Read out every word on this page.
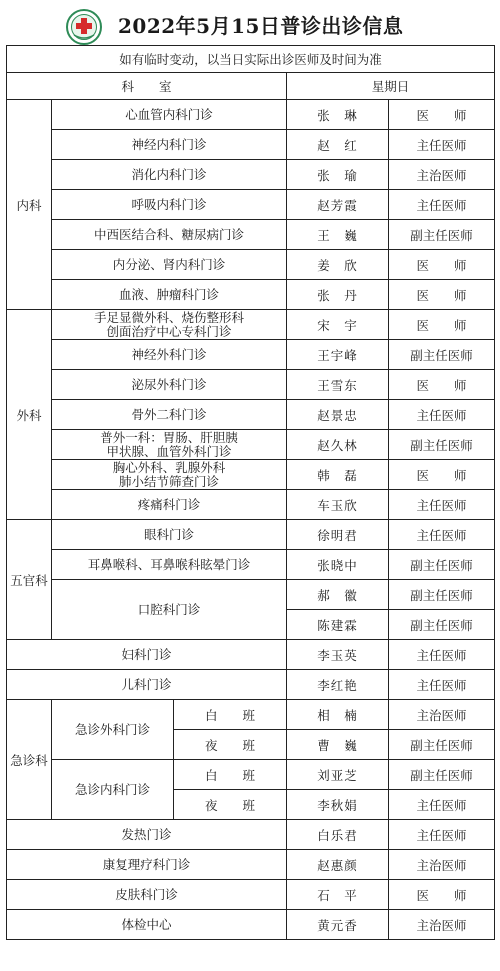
2022年5月15日普诊出诊信息
如有临时变动，以当日实际出诊医师及时间为准				
科　　室			星期日	
内科	心血管内科门诊		张　琳	医　　师
	神经内科门诊		赵　红	主任医师
	消化内科门诊		张　瑜	主治医师
	呼吸内科门诊		赵芳霞	主任医师
	中西医结合科、糖尿病门诊		王　巍	副主任医师
	内分泌、肾内科门诊		姜　欣	医　　师
	血液、肿瘤科门诊		张　丹	医　　师
外科	手足显微外科、烧伤整形科
创面治疗中心专科门诊		宋　宇	医　　师
	神经外科门诊		王宇峰	副主任医师
	泌尿外科门诊		王雪东	医　　师
	骨外二科门诊		赵景忠	主任医师
	普外一科：胃肠、肝胆胰
甲状腺、血管外科门诊		赵久林	副主任医师
	胸心外科、乳腺外科
肺小结节筛查门诊		韩　磊	医　　师
	疼痛科门诊		车玉欣	主任医师
五官科	眼科门诊		徐明君	主任医师
	耳鼻喉科、耳鼻喉科眩晕门诊		张晓中	副主任医师
	口腔科门诊		郝　徽	副主任医师
			陈建霖	副主任医师
妇科门诊			李玉英	主任医师
儿科门诊			李红艳	主任医师
急诊科	急诊外科门诊	白　　班	相　楠	主治医师
		夜　　班	曹　巍	副主任医师
	急诊内科门诊	白　　班	刘亚芝	副主任医师
		夜　　班	李秋娟	主任医师
发热门诊			白乐君	主任医师
康复理疗科门诊			赵惠颜	主治医师
皮肤科门诊			石　平	医　　师
体检中心			黄元香	主治医师
